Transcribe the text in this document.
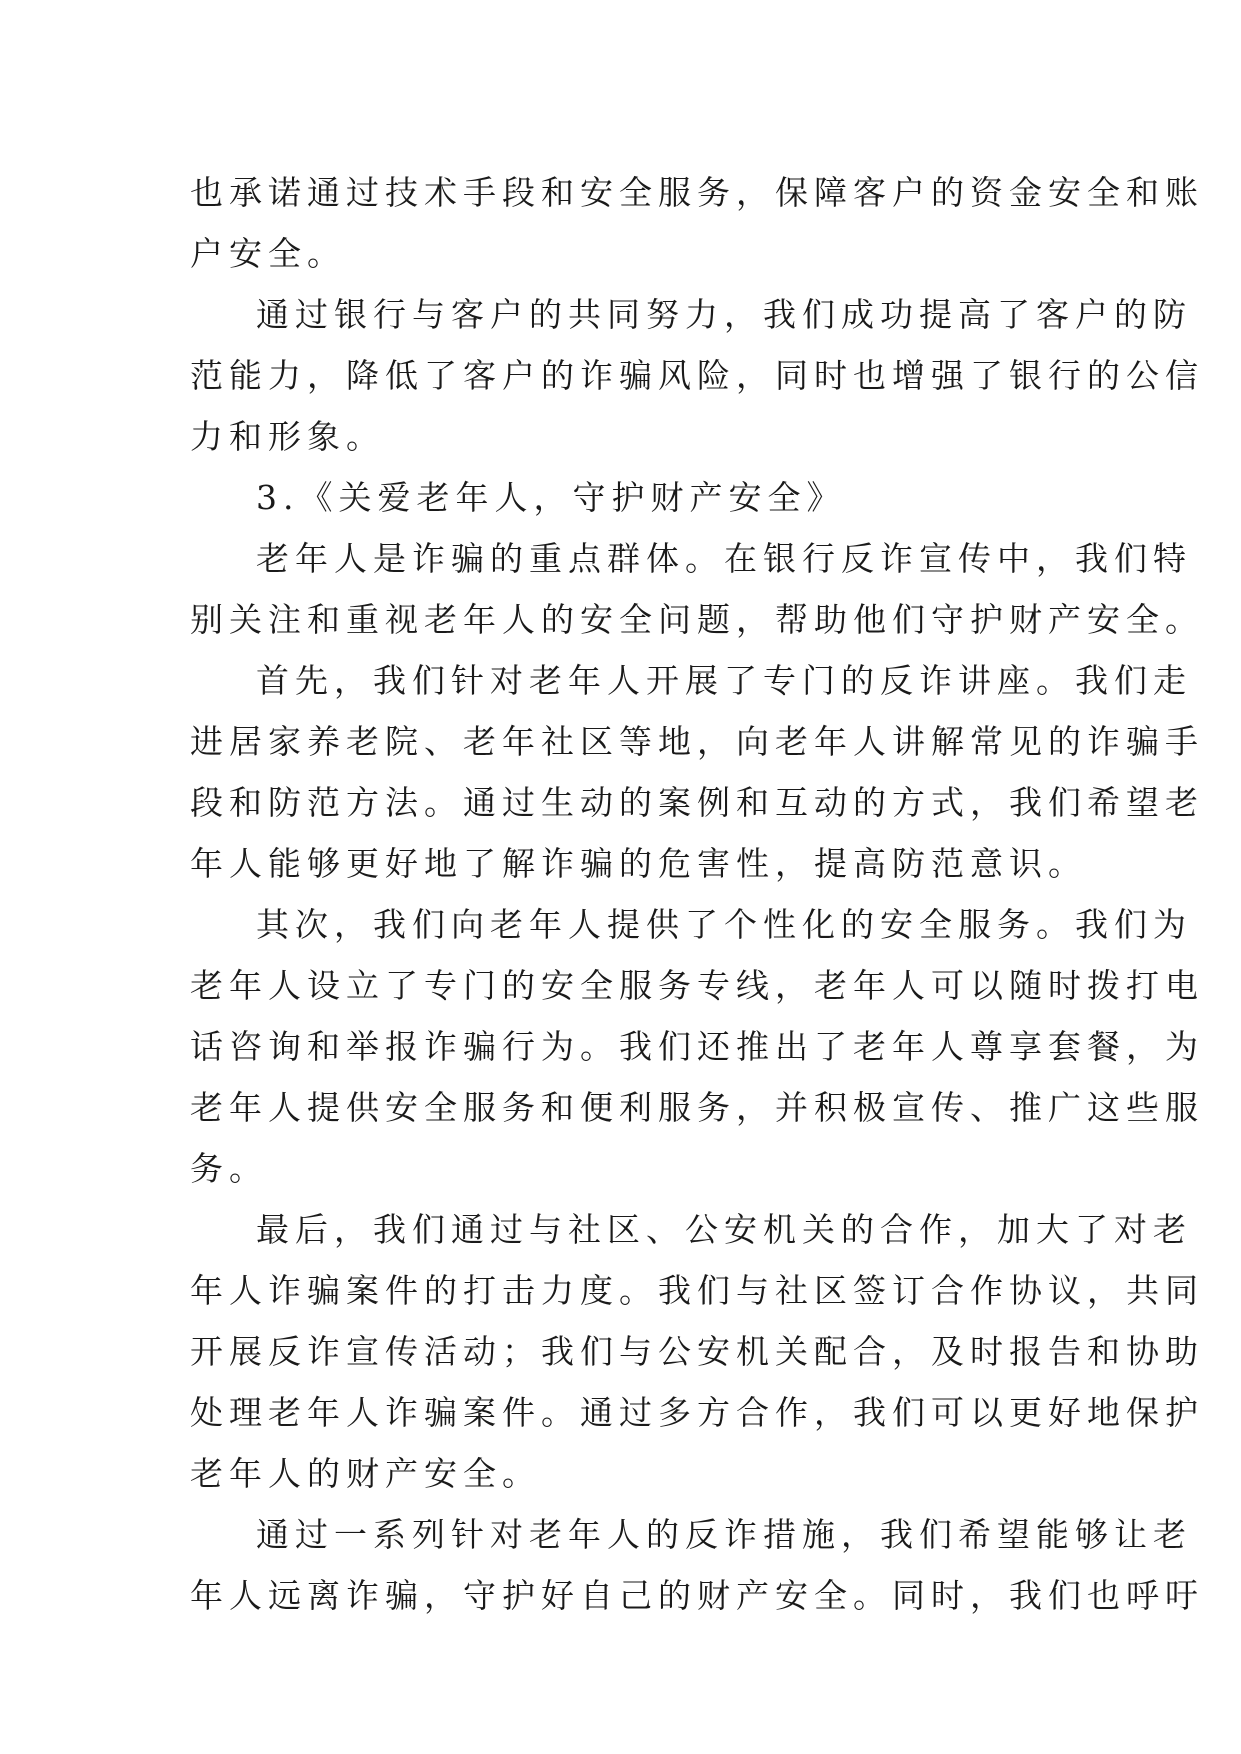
也承诺通过技术手段和安全服务，保障客户的资金安全和账
户安全。
通过银行与客户的共同努力，我们成功提高了客户的防
范能力，降低了客户的诈骗风险，同时也增强了银行的公信
力和形象。
3.《关爱老年人，守护财产安全》
老年人是诈骗的重点群体。在银行反诈宣传中，我们特
别关注和重视老年人的安全问题，帮助他们守护财产安全。
首先，我们针对老年人开展了专门的反诈讲座。我们走
进居家养老院、老年社区等地，向老年人讲解常见的诈骗手
段和防范方法。通过生动的案例和互动的方式，我们希望老
年人能够更好地了解诈骗的危害性，提高防范意识。
其次，我们向老年人提供了个性化的安全服务。我们为
老年人设立了专门的安全服务专线，老年人可以随时拨打电
话咨询和举报诈骗行为。我们还推出了老年人尊享套餐，为
老年人提供安全服务和便利服务，并积极宣传、推广这些服
务。
最后，我们通过与社区、公安机关的合作，加大了对老
年人诈骗案件的打击力度。我们与社区签订合作协议，共同
开展反诈宣传活动；我们与公安机关配合，及时报告和协助
处理老年人诈骗案件。通过多方合作，我们可以更好地保护
老年人的财产安全。
通过一系列针对老年人的反诈措施，我们希望能够让老
年人远离诈骗，守护好自己的财产安全。同时，我们也呼吁
